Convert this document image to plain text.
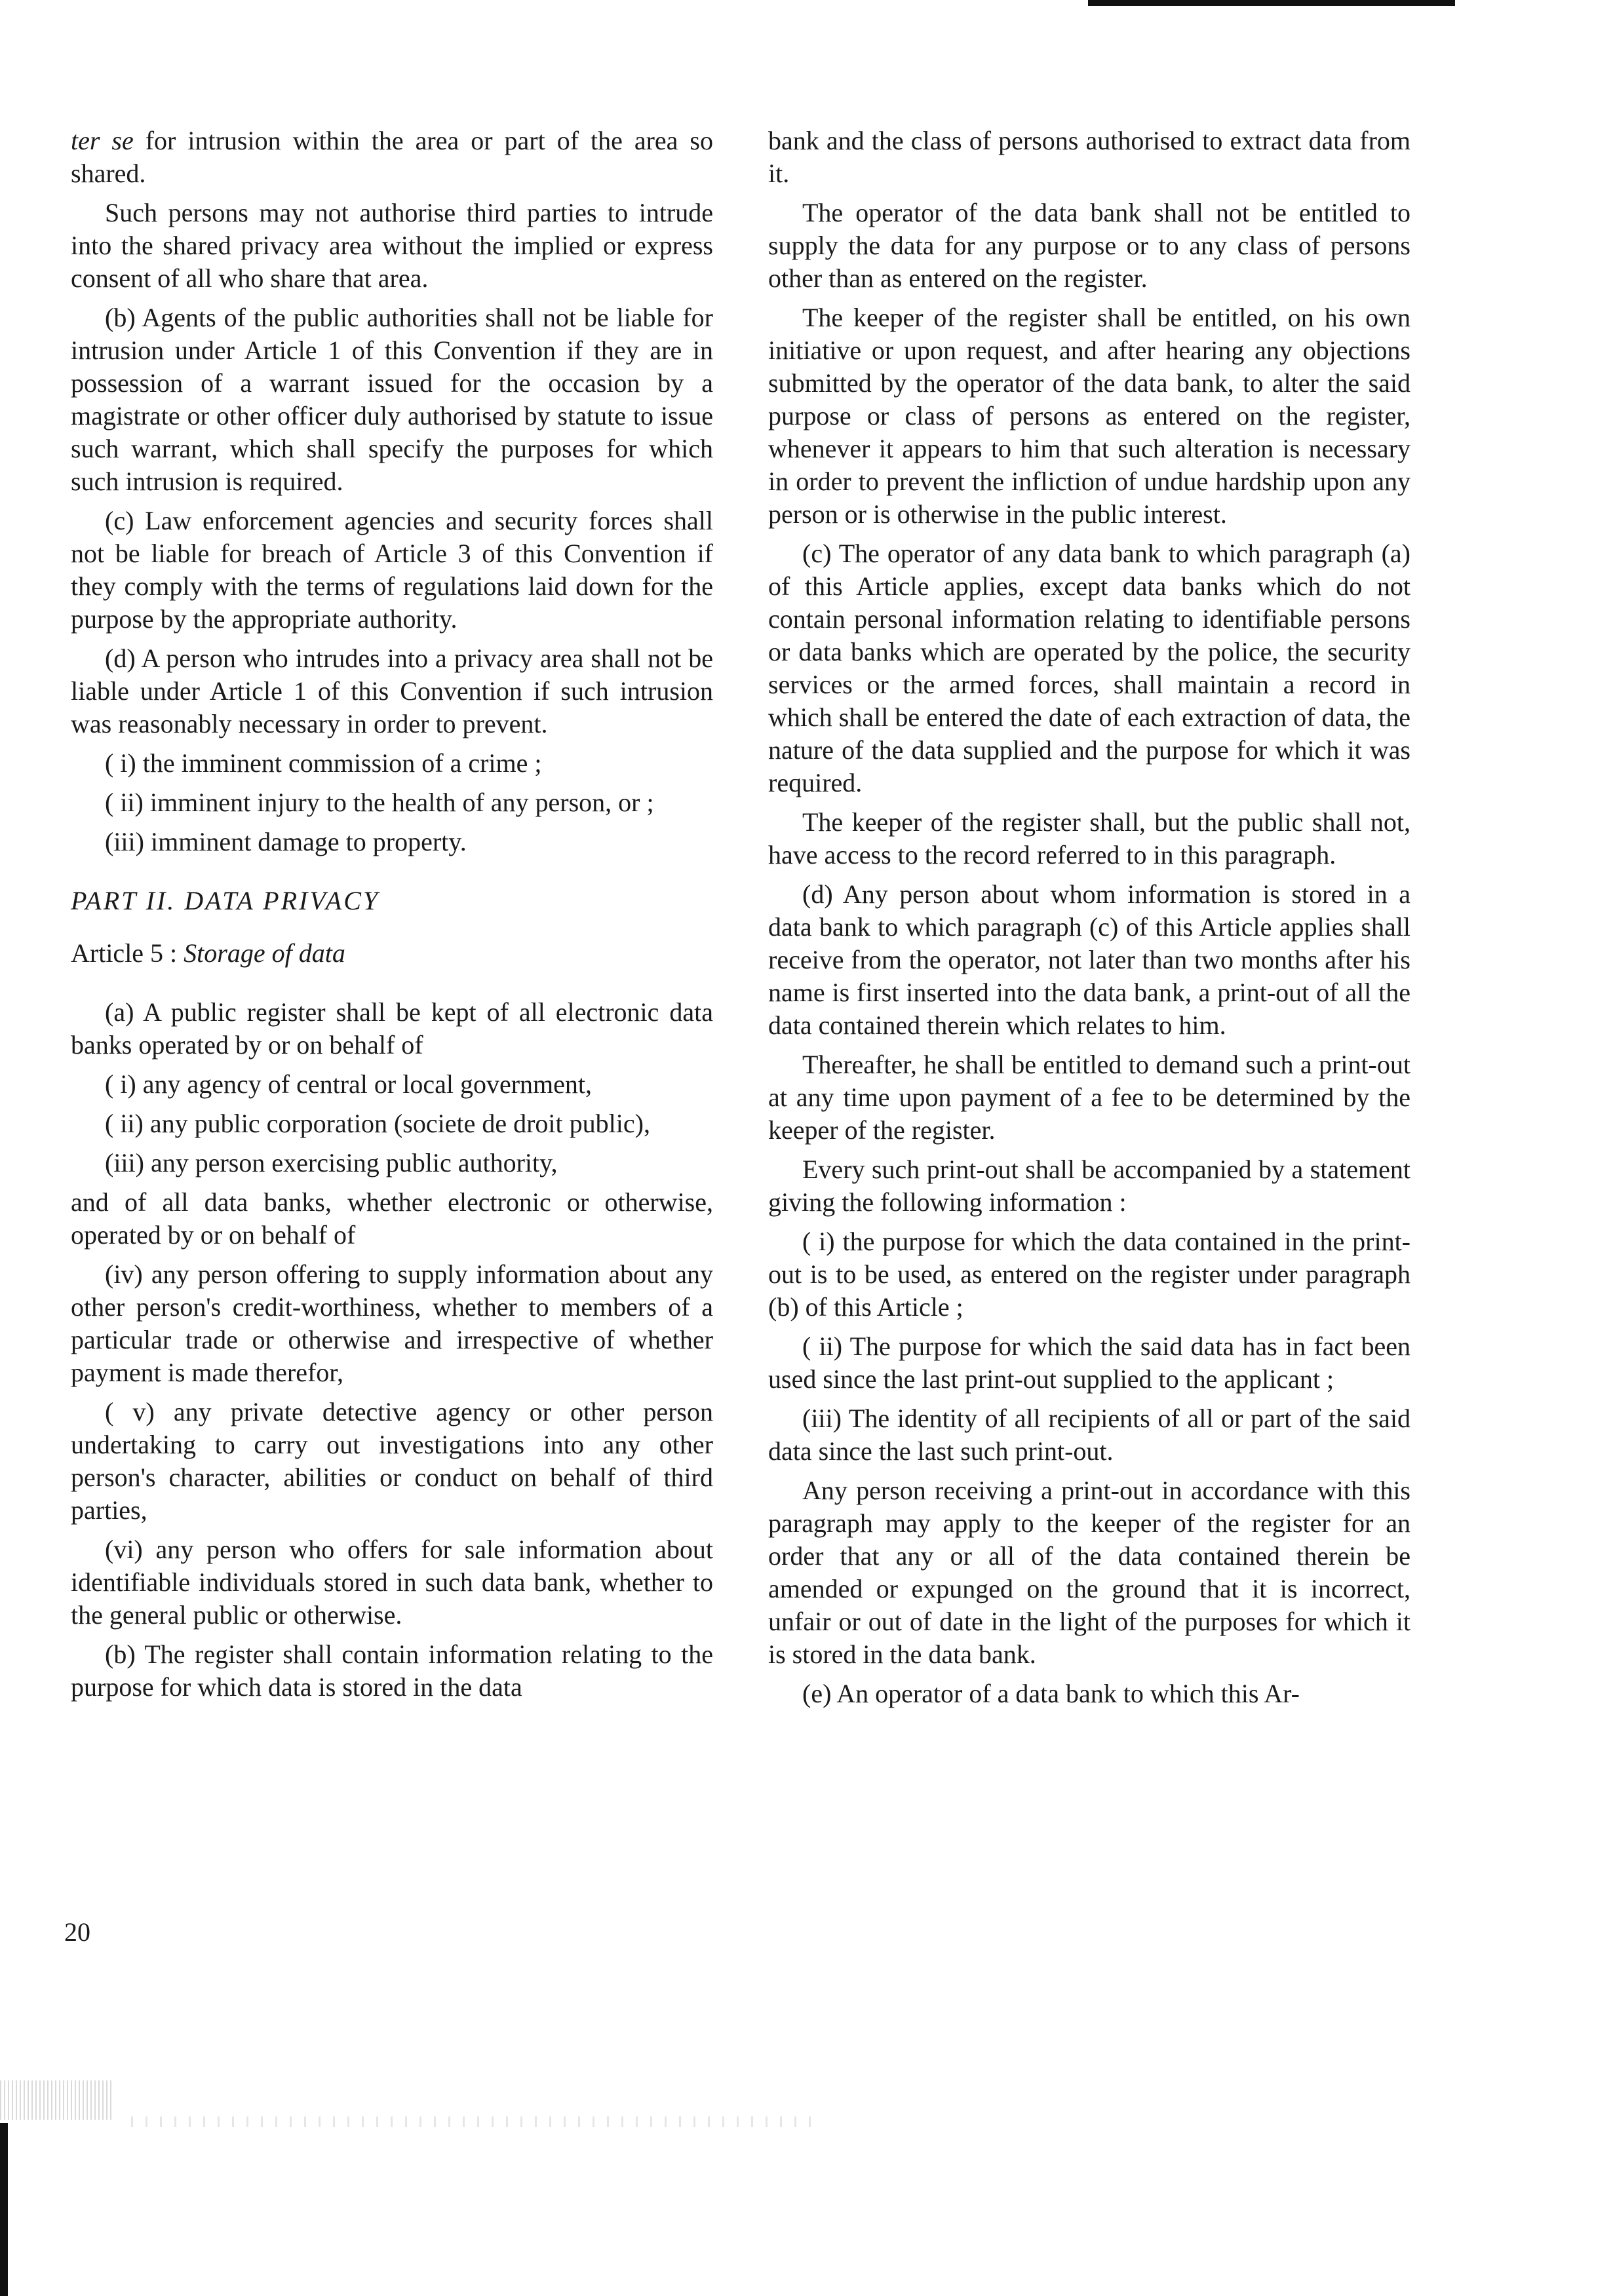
ter se for intrusion within the area or part of the area so shared.

Such persons may not authorise third parties to intrude into the shared privacy area without the implied or express consent of all who share that area.

(b) Agents of the public authorities shall not be liable for intrusion under Article 1 of this Convention if they are in possession of a warrant issued for the occasion by a magistrate or other officer duly authorised by statute to issue such warrant, which shall specify the purposes for which such intrusion is required.

(c) Law enforcement agencies and security forces shall not be liable for breach of Article 3 of this Convention if they comply with the terms of regulations laid down for the purpose by the appropriate authority.

(d) A person who intrudes into a privacy area shall not be liable under Article 1 of this Convention if such intrusion was reasonably necessary in order to prevent.

( i) the imminent commission of a crime ;

( ii) imminent injury to the health of any person, or ;

(iii) imminent damage to property.

PART II. DATA PRIVACY
Article 5 : Storage of data

(a) A public register shall be kept of all electronic data banks operated by or on behalf of

( i) any agency of central or local government,

( ii) any public corporation (societe de droit public),

(iii) any person exercising public authority,

and of all data banks, whether electronic or otherwise, operated by or on behalf of

(iv) any person offering to supply information about any other person's credit-worthiness, whether to members of a particular trade or otherwise and irrespective of whether payment is made therefor,

( v) any private detective agency or other person undertaking to carry out investigations into any other person's character, abilities or conduct on behalf of third parties,

(vi) any person who offers for sale information about identifiable individuals stored in such data bank, whether to the general public or otherwise.

(b) The register shall contain information relating to the purpose for which data is stored in the data

bank and the class of persons authorised to extract data from it.

The operator of the data bank shall not be entitled to supply the data for any purpose or to any class of persons other than as entered on the register.

The keeper of the register shall be entitled, on his own initiative or upon request, and after hearing any objections submitted by the operator of the data bank, to alter the said purpose or class of persons as entered on the register, whenever it appears to him that such alteration is necessary in order to prevent the infliction of undue hardship upon any person or is otherwise in the public interest.

(c) The operator of any data bank to which paragraph (a) of this Article applies, except data banks which do not contain personal information relating to identifiable persons or data banks which are operated by the police, the security services or the armed forces, shall maintain a record in which shall be entered the date of each extraction of data, the nature of the data supplied and the purpose for which it was required.

The keeper of the register shall, but the public shall not, have access to the record referred to in this paragraph.

(d) Any person about whom information is stored in a data bank to which paragraph (c) of this Article applies shall receive from the operator, not later than two months after his name is first inserted into the data bank, a print-out of all the data contained therein which relates to him.

Thereafter, he shall be entitled to demand such a print-out at any time upon payment of a fee to be determined by the keeper of the register.

Every such print-out shall be accompanied by a statement giving the following information :

( i) the purpose for which the data contained in the print-out is to be used, as entered on the register under paragraph (b) of this Article ;

( ii) The purpose for which the said data has in fact been used since the last print-out supplied to the applicant ;

(iii) The identity of all recipients of all or part of the said data since the last such print-out.

Any person receiving a print-out in accordance with this paragraph may apply to the keeper of the register for an order that any or all of the data contained therein be amended or expunged on the ground that it is incorrect, unfair or out of date in the light of the purposes for which it is stored in the data bank.

(e) An operator of a data bank to which this Ar-

20
